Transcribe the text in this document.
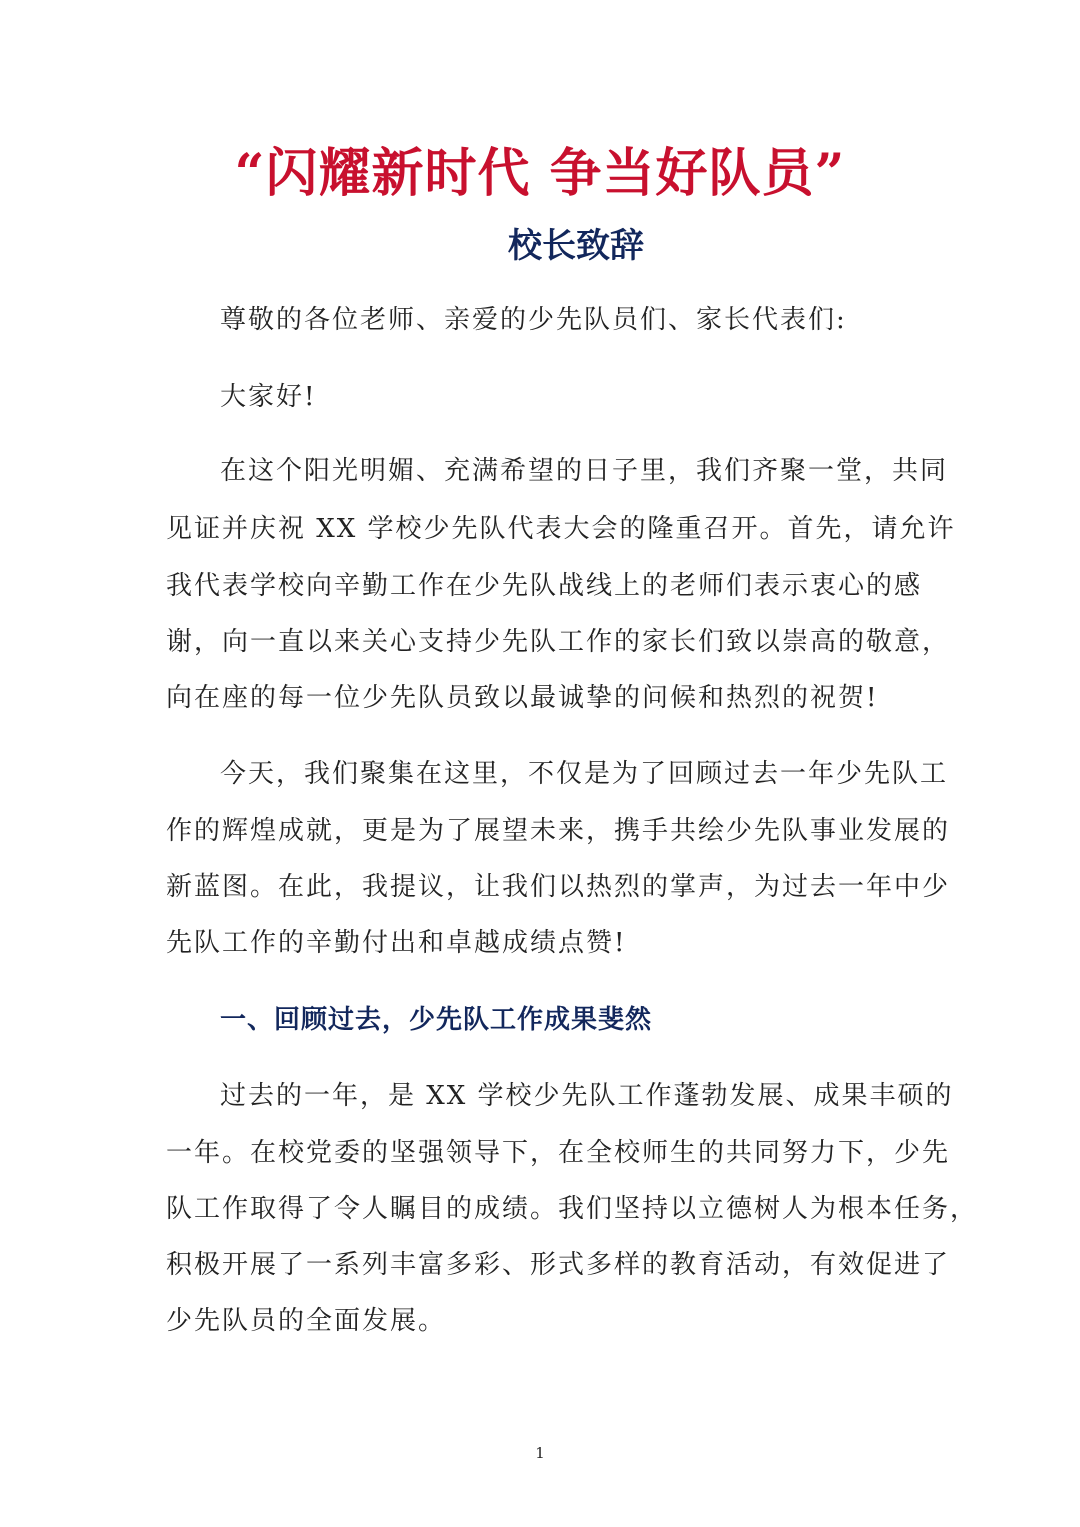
“闪耀新时代 争当好队员”
校长致辞
尊敬的各位老师、亲爱的少先队员们、家长代表们:
大家好!
在这个阳光明媚、充满希望的日子里，我们齐聚一堂，共同
见证并庆祝 XX 学校少先队代表大会的隆重召开。首先，请允许
我代表学校向辛勤工作在少先队战线上的老师们表示衷心的感
谢，向一直以来关心支持少先队工作的家长们致以崇高的敬意，
向在座的每一位少先队员致以最诚挚的问候和热烈的祝贺!
今天，我们聚集在这里，不仅是为了回顾过去一年少先队工
作的辉煌成就，更是为了展望未来，携手共绘少先队事业发展的
新蓝图。在此，我提议，让我们以热烈的掌声，为过去一年中少
先队工作的辛勤付出和卓越成绩点赞!
一、回顾过去，少先队工作成果斐然
过去的一年，是 XX 学校少先队工作蓬勃发展、成果丰硕的
一年。在校党委的坚强领导下，在全校师生的共同努力下，少先
队工作取得了令人瞩目的成绩。我们坚持以立德树人为根本任务，
积极开展了一系列丰富多彩、形式多样的教育活动，有效促进了
少先队员的全面发展。
1
